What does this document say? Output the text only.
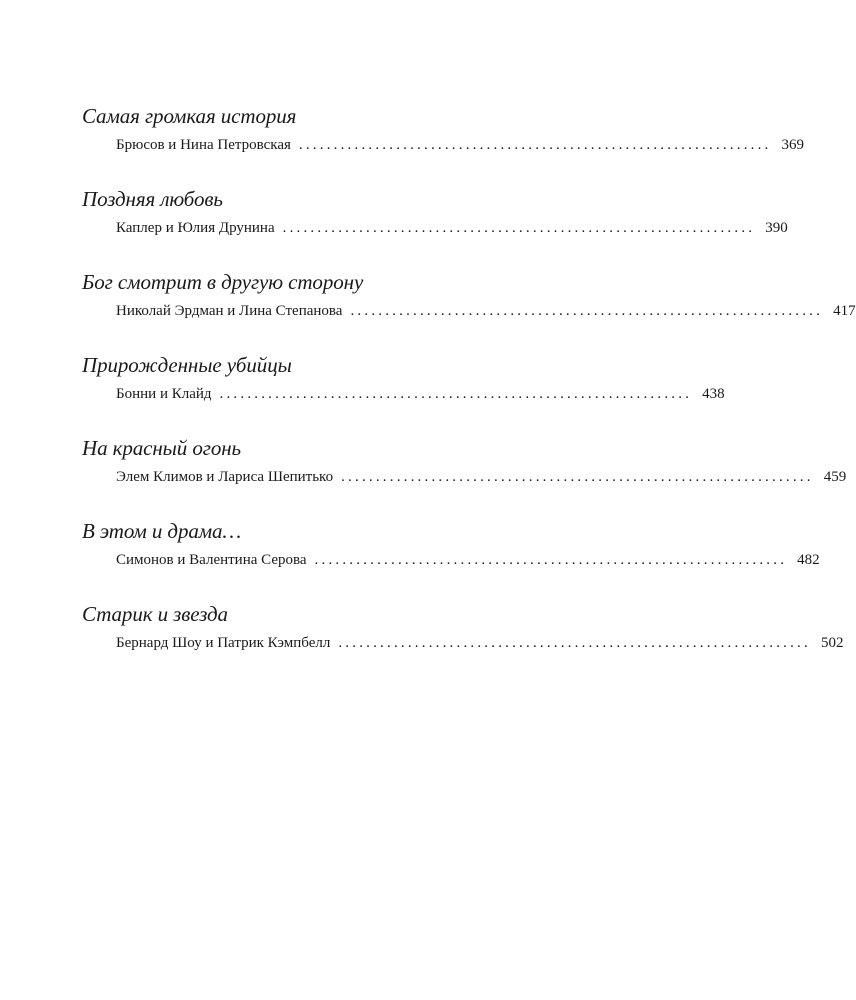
Самая громкая история
Брюсов и Нина Петровская .................................................................... 369
Поздняя любовь
Каплер и Юлия Друнина .................................................................... 390
Бог смотрит в другую сторону
Николай Эрдман и Лина Степанова .................................................................... 417
Прирожденные убийцы
Бонни и Клайд .................................................................... 438
На красный огонь
Элем Климов и Лариса Шепитько .................................................................... 459
В этом и драма…
Симонов и Валентина Серова .................................................................... 482
Старик и звезда
Бернард Шоу и Патрик Кэмпбелл .................................................................... 502
